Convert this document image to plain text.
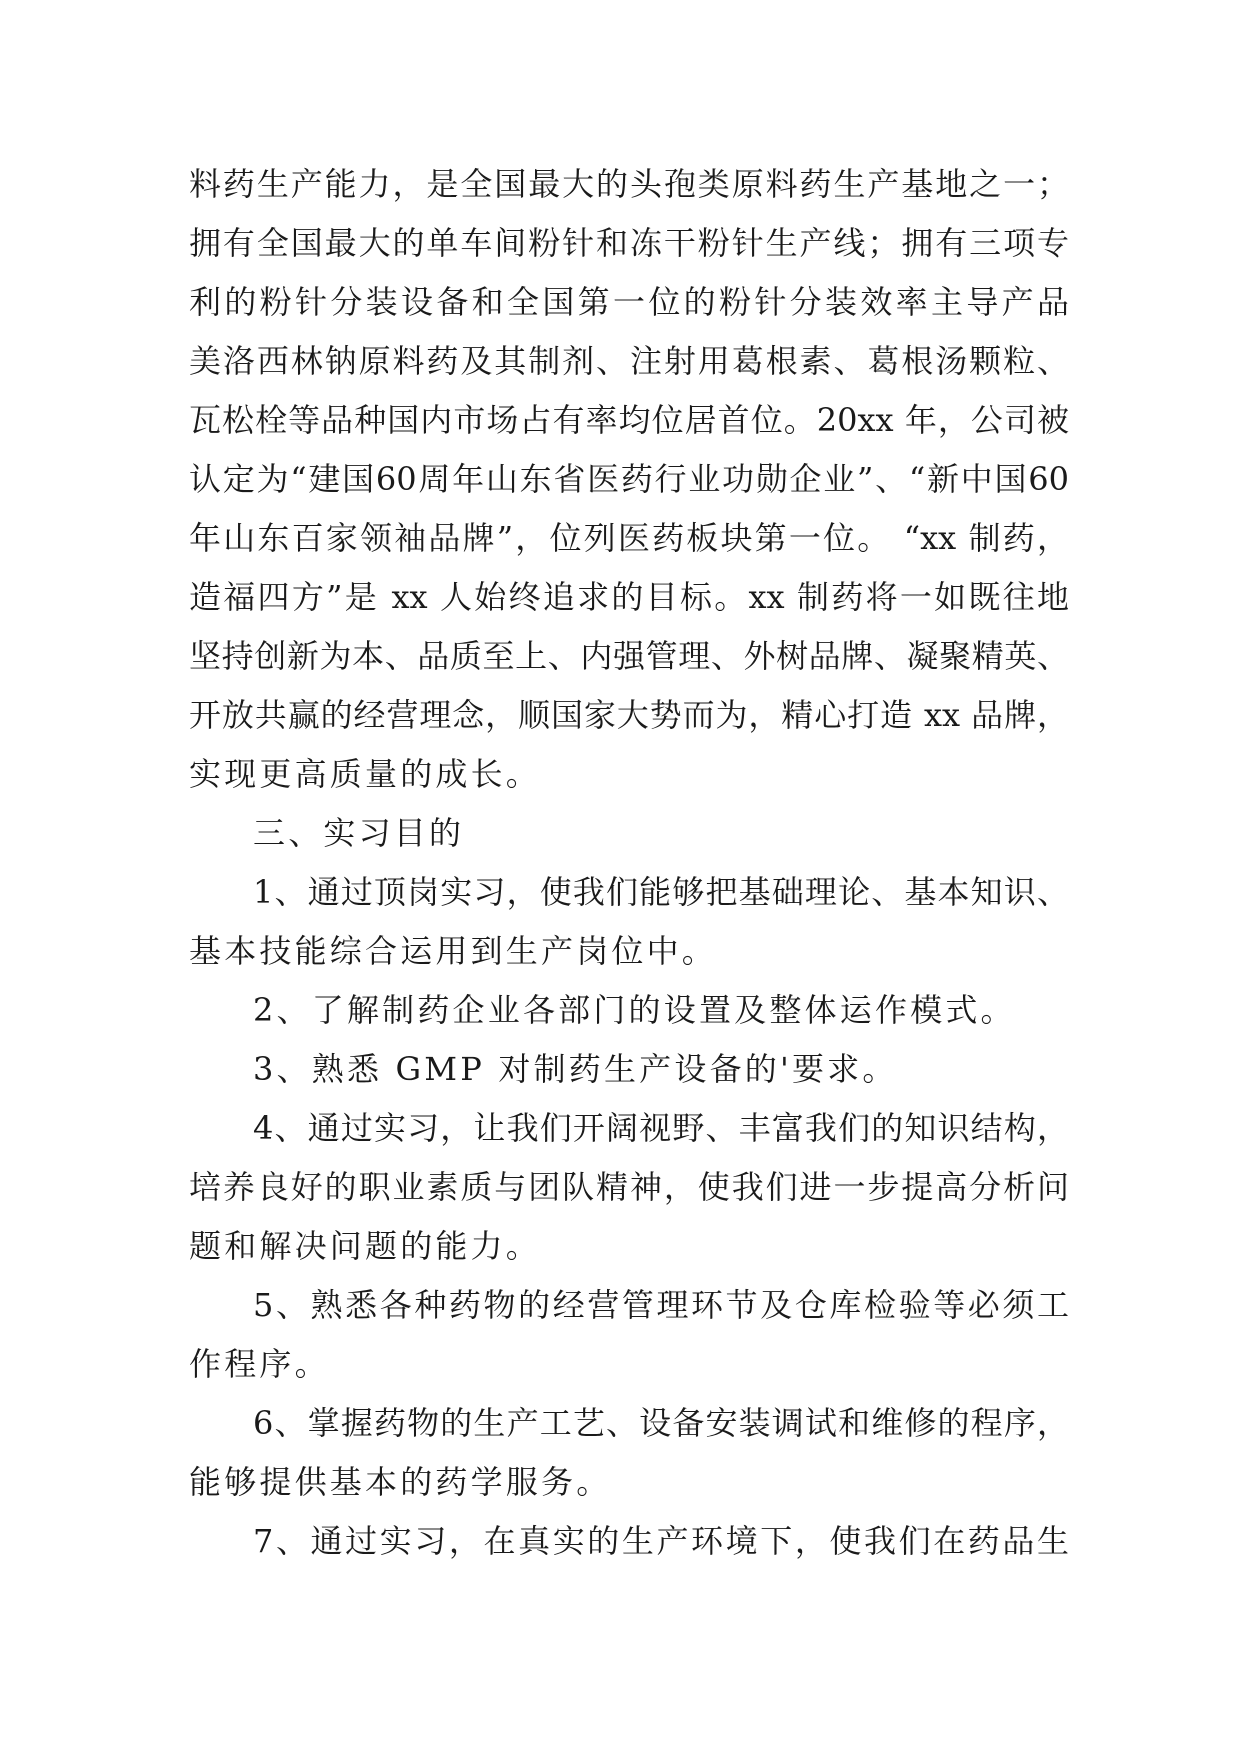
料药生产能力，是全国最大的头孢类原料药生产基地之一；
拥有全国最大的单车间粉针和冻干粉针生产线；拥有三项专
利的粉针分装设备和全国第一位的粉针分装效率主导产品
美洛西林钠原料药及其制剂、注射用葛根素、葛根汤颗粒、
瓦松栓等品种国内市场占有率均位居首位。20xx 年，公司被
认定为“建国60周年山东省医药行业功勋企业”、“新中国60
年山东百家领袖品牌”，位列医药板块第一位。 “xx 制药，
造福四方”是 xx 人始终追求的目标。xx 制药将一如既往地
坚持创新为本、品质至上、内强管理、外树品牌、凝聚精英、
开放共赢的经营理念，顺国家大势而为，精心打造 xx 品牌，
实现更高质量的成长。
三、实习目的
1、通过顶岗实习，使我们能够把基础理论、基本知识、
基本技能综合运用到生产岗位中。
2、了解制药企业各部门的设置及整体运作模式。
3、熟悉 GMP 对制药生产设备的'要求。
4、通过实习，让我们开阔视野、丰富我们的知识结构，
培养良好的职业素质与团队精神，使我们进一步提高分析问
题和解决问题的能力。
5、熟悉各种药物的经营管理环节及仓库检验等必须工
作程序。
6、掌握药物的生产工艺、设备安装调试和维修的程序，
能够提供基本的药学服务。
7、通过实习，在真实的生产环境下，使我们在药品生
